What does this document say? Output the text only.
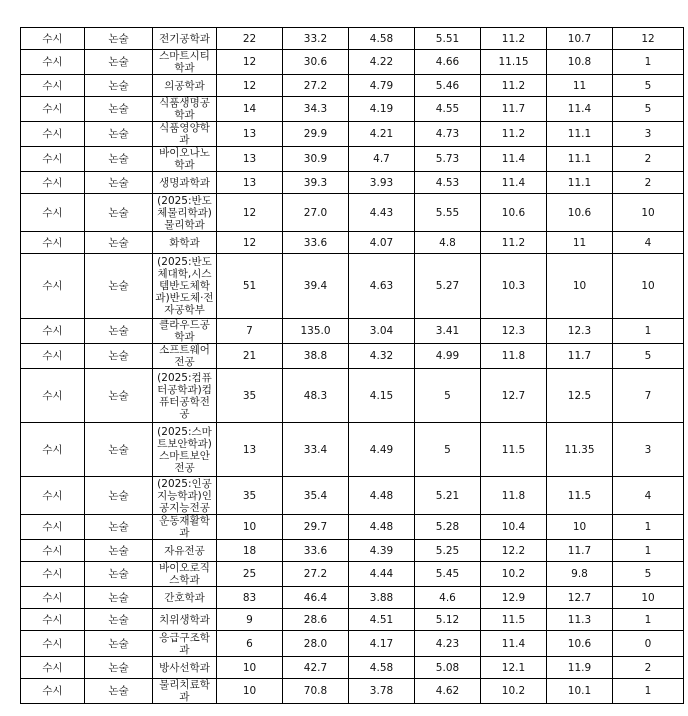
수시	논술	전기공학과	22	33.2	4.58	5.51	11.2	10.7	12
수시	논술	스마트시티학과	12	30.6	4.22	4.66	11.15	10.8	1
수시	논술	의공학과	12	27.2	4.79	5.46	11.2	11	5
수시	논술	식품생명공학과	14	34.3	4.19	4.55	11.7	11.4	5
수시	논술	식품영양학과	13	29.9	4.21	4.73	11.2	11.1	3
수시	논술	바이오나노학과	13	30.9	4.7	5.73	11.4	11.1	2
수시	논술	생명과학과	13	39.3	3.93	4.53	11.4	11.1	2
수시	논술	(2025:반도체물리학과)물리학과	12	27.0	4.43	5.55	10.6	10.6	10
수시	논술	화학과	12	33.6	4.07	4.8	11.2	11	4
수시	논술	(2025:반도체대학,시스템반도체학과)반도체·전자공학부	51	39.4	4.63	5.27	10.3	10	10
수시	논술	클라우드공학과	7	135.0	3.04	3.41	12.3	12.3	1
수시	논술	소프트웨어전공	21	38.8	4.32	4.99	11.8	11.7	5
수시	논술	(2025:컴퓨터공학과)컴퓨터공학전공	35	48.3	4.15	5	12.7	12.5	7
수시	논술	(2025:스마트보안학과)스마트보안전공	13	33.4	4.49	5	11.5	11.35	3
수시	논술	(2025:인공지능학과)인공지능전공	35	35.4	4.48	5.21	11.8	11.5	4
수시	논술	운동재활학과	10	29.7	4.48	5.28	10.4	10	1
수시	논술	자유전공	18	33.6	4.39	5.25	12.2	11.7	1
수시	논술	바이오로직스학과	25	27.2	4.44	5.45	10.2	9.8	5
수시	논술	간호학과	83	46.4	3.88	4.6	12.9	12.7	10
수시	논술	치위생학과	9	28.6	4.51	5.12	11.5	11.3	1
수시	논술	응급구조학과	6	28.0	4.17	4.23	11.4	10.6	0
수시	논술	방사선학과	10	42.7	4.58	5.08	12.1	11.9	2
수시	논술	물리치료학과	10	70.8	3.78	4.62	10.2	10.1	1
